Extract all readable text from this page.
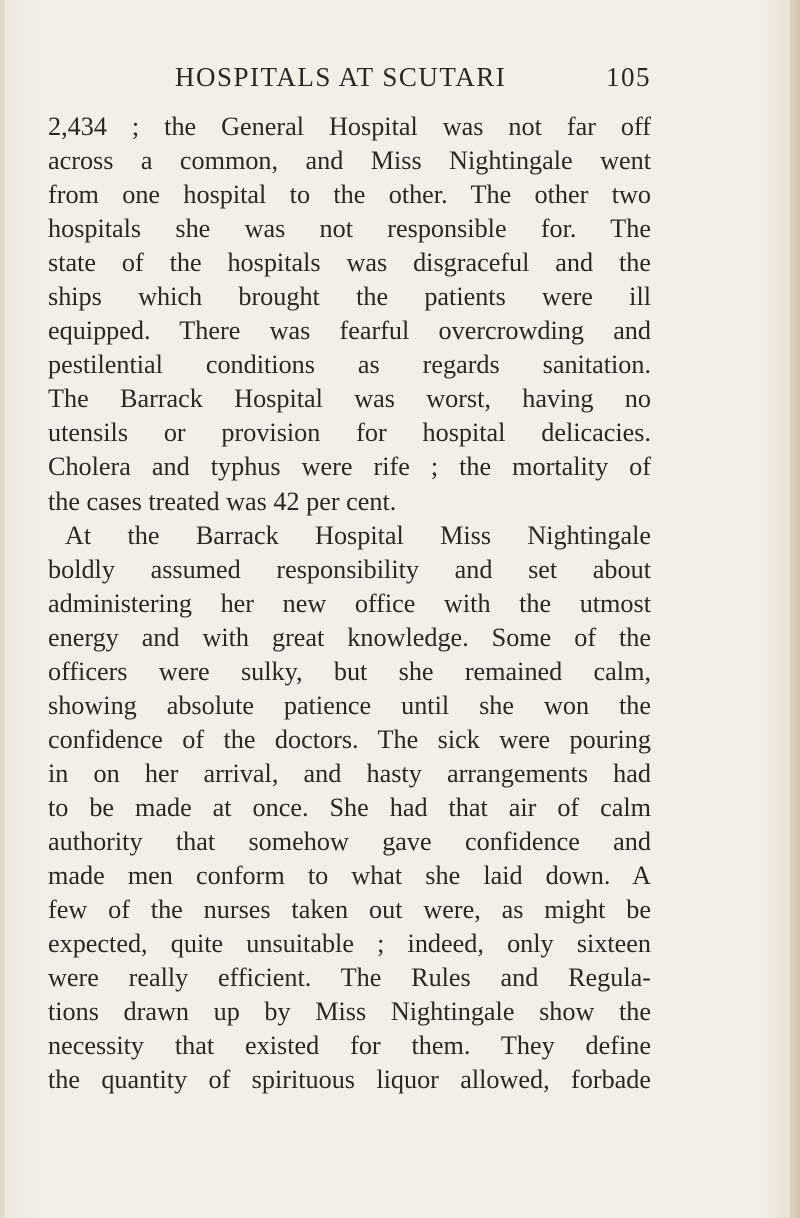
HOSPITALS AT SCUTARI	105
2,434 ; the General Hospital was not far off
across a common, and Miss Nightingale went
from one hospital to the other. The other two
hospitals she was not responsible for. The
state of the hospitals was disgraceful and the
ships which brought the patients were ill
equipped. There was fearful overcrowding and
pestilential conditions as regards sanitation.
The Barrack Hospital was worst, having no
utensils or provision for hospital delicacies.
Cholera and typhus were rife ; the mortality of
the cases treated was 42 per cent.
At the Barrack Hospital Miss Nightingale
boldly assumed responsibility and set about
administering her new office with the utmost
energy and with great knowledge. Some of the
officers were sulky, but she remained calm,
showing absolute patience until she won the
confidence of the doctors. The sick were pouring
in on her arrival, and hasty arrangements had
to be made at once. She had that air of calm
authority that somehow gave confidence and
made men conform to what she laid down. A
few of the nurses taken out were, as might be
expected, quite unsuitable ; indeed, only sixteen
were really efficient. The Rules and Regula-
tions drawn up by Miss Nightingale show the
necessity that existed for them. They define
the quantity of spirituous liquor allowed, forbade
